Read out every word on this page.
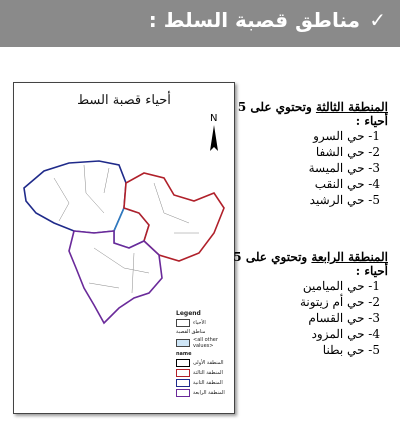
✓
مناطق قصبة السلط :
أحياء قصبة السط
N
Legend
الأحياء
مناطق القصبة
<all other values>
name
المنطقة الأولى
المنطقة الثالثة
المنطقة الثانية
المنطقة الرابعة
المنطقة الثالثة وتحتوي على 5 أحياء :
1- حي السرو
2- حي الشفا
3- حي الميسة
4- حي النقب
5- حي الرشيد
المنطقة الرابعة وتحتوي على 5 أحياء :
1- حي الميامين
2- حي أم زيتونة
3- حي القسام
4- حي المزود
5- حي بطنا
